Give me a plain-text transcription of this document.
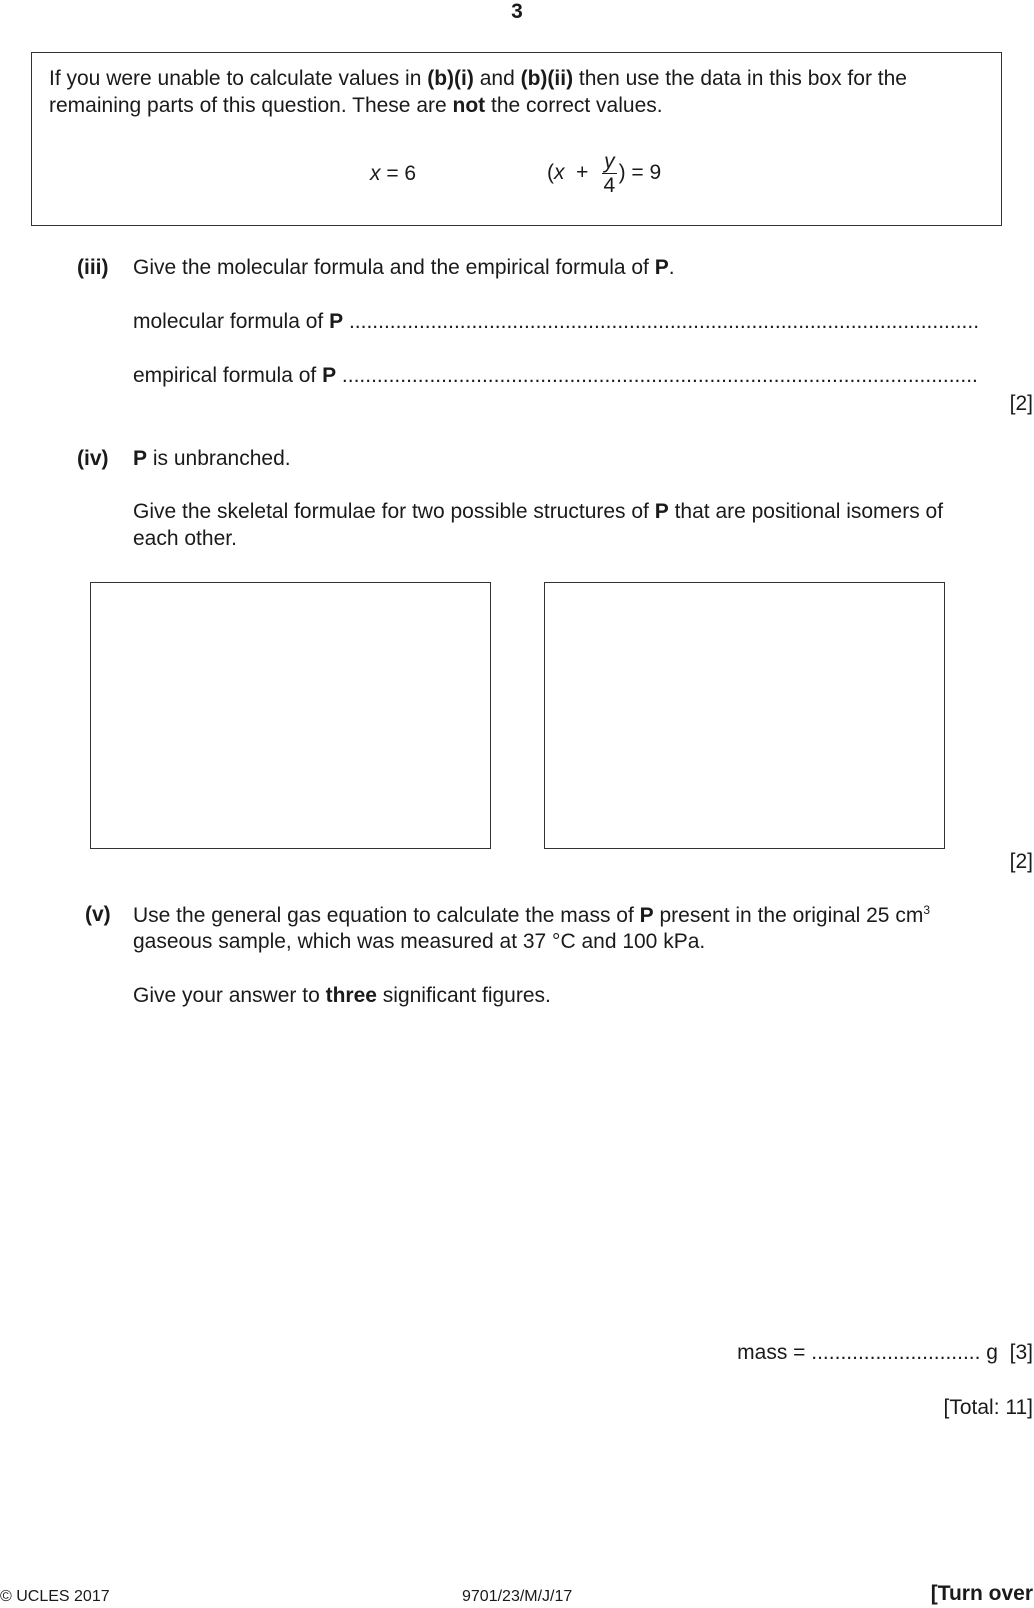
3
If you were unable to calculate values in (b)(i) and (b)(ii) then use the data in this box for the
remaining parts of this question. These are not the correct values.
x = 6	( $x + \frac{y}{4}$ ) = 9
(iii) Give the molecular formula and the empirical formula of P.
molecular formula of P ............................................................................................................
empirical formula of P .............................................................................................................
[2]
(iv) P is unbranched.
Give the skeletal formulae for two possible structures of P that are positional isomers of
each other.
[2]
(v) Use the general gas equation to calculate the mass of P present in the original 25 $cm^3$
gaseous sample, which was measured at 37 °C and 100 kPa.
Give your answer to three significant figures.
mass = ............................. g  [3]
[Total: 11]
© UCLES 2017	9701/23/M/J/17	[Turn over
